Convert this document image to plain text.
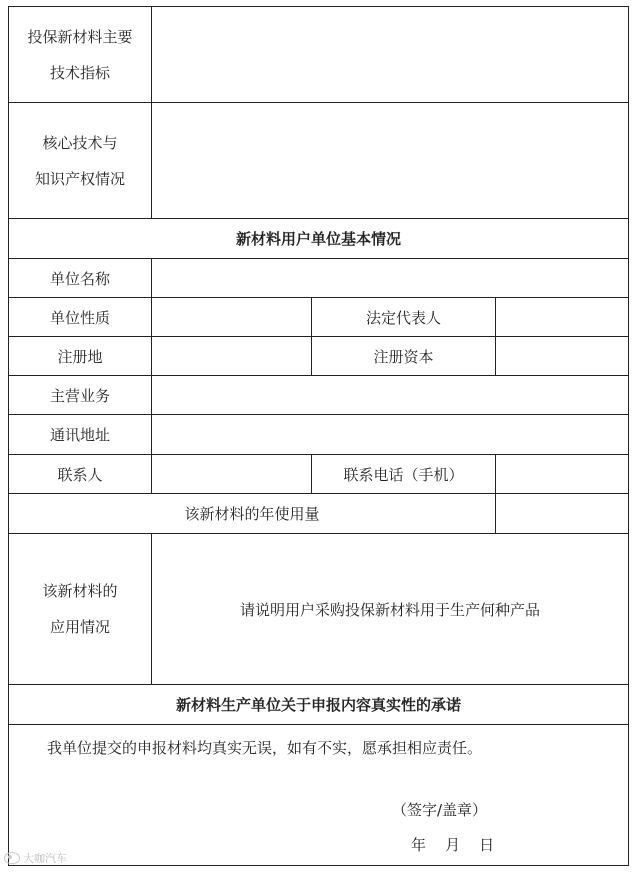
投保新材料主要
技术指标
核心技术与
知识产权情况
新材料用户单位基本情况
单位名称
单位性质	法定代表人
注册地	注册资本
主营业务
通讯地址
联系人	联系电话（手机）
该新材料的年使用量
该新材料的
应用情况
请说明用户采购投保新材料用于生产何种产品
新材料生产单位关于申报内容真实性的承诺
我单位提交的申报材料均真实无误，如有不实，愿承担相应责任。
（签字/盖章）
年    月    日
大咖汽车
